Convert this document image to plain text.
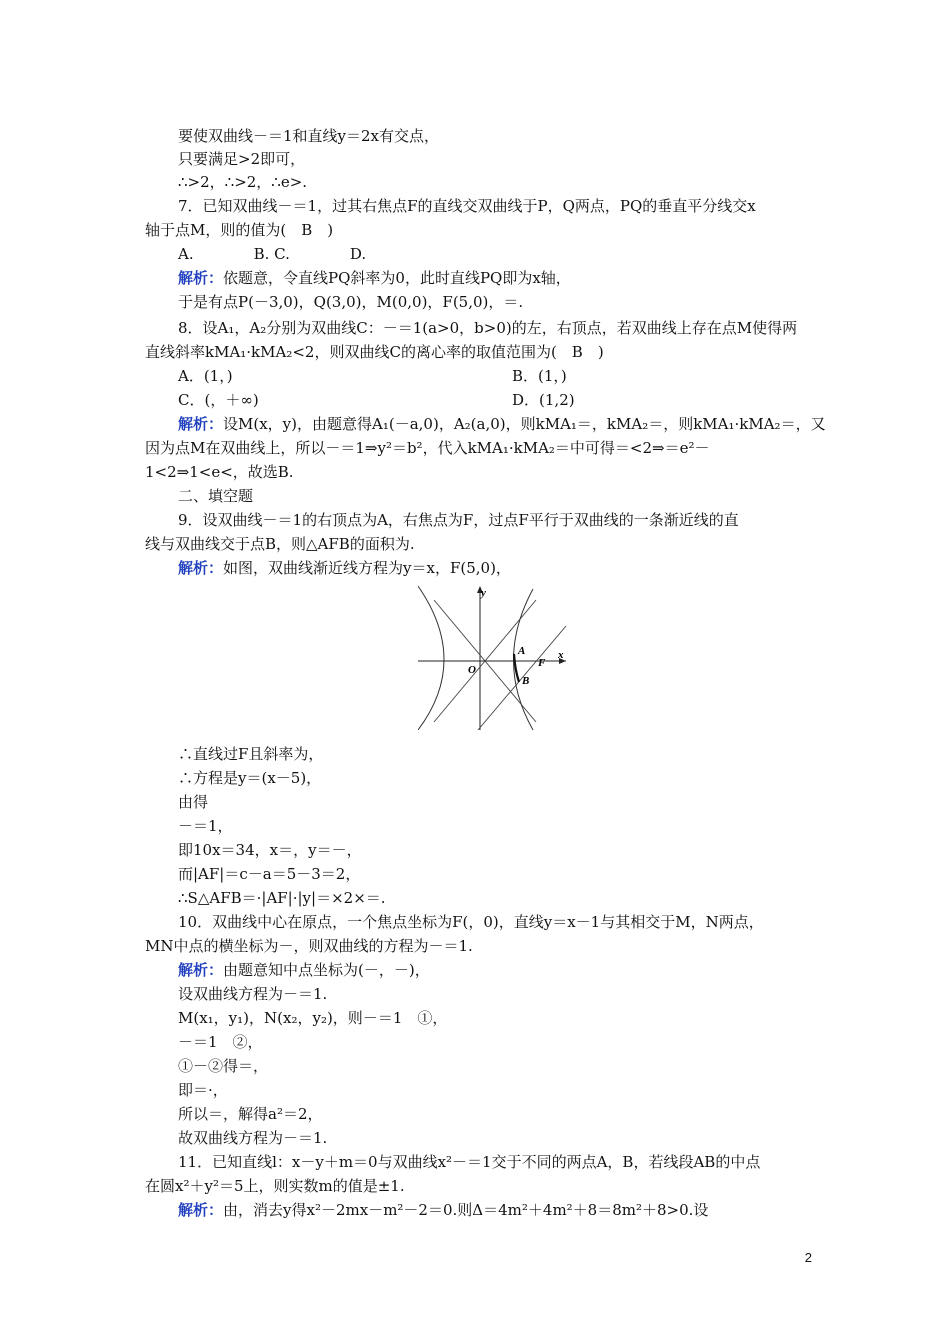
要使双曲线－＝1和直线y＝2x有交点，
只要满足>2即可，
∴>2，∴>2，∴e>.
7．已知双曲线－＝1，过其右焦点F的直线交双曲线于P，Q两点，PQ的垂直平分线交x
轴于点M，则的值为(　B　)
A.　　　　B. C.　　　　D.
解析：依题意，令直线PQ斜率为0，此时直线PQ即为x轴，
于是有点P(－3,0)，Q(3,0)，M(0,0)，F(5,0)，＝.
8．设A₁，A₂分别为双曲线C：－＝1(a>0，b>0)的左，右顶点，若双曲线上存在点M使得两
直线斜率kMA₁·kMA₂<2，则双曲线C的离心率的取值范围为(　B　)
A．(1，)	B．(1，)
C．(，＋∞)	D．(1,2)
解析：设M(x，y)，由题意得A₁(－a,0)，A₂(a,0)，则kMA₁＝，kMA₂＝，则kMA₁·kMA₂＝，又
因为点M在双曲线上，所以－＝1⇒y²＝b²，代入kMA₁·kMA₂＝中可得＝<2⇒＝e²－
1<2⇒1<e<，故选B.
二、填空题
9．设双曲线－＝1的右顶点为A，右焦点为F，过点F平行于双曲线的一条渐近线的直
线与双曲线交于点B，则△AFB的面积为.
解析：如图，双曲线渐近线方程为y＝x，F(5,0)，
y
x
O
A
F
B
∴直线过F且斜率为，
∴方程是y＝(x－5)，
由得
－＝1，
即10x＝34，x＝，y＝－，
而|AF|＝c－a＝5－3＝2，
∴S△AFB＝·|AF|·|y|＝×2×＝.
10．双曲线中心在原点，一个焦点坐标为F(，0)，直线y＝x－1与其相交于M，N两点，
MN中点的横坐标为－，则双曲线的方程为－＝1.
解析：由题意知中点坐标为(－，－)，
设双曲线方程为－＝1.
M(x₁，y₁)，N(x₂，y₂)，则－＝1　①，
－＝1　②，
①－②得＝，
即＝·，
所以＝，解得a²＝2，
故双曲线方程为－＝1.
11．已知直线l：x－y＋m＝0与双曲线x²－＝1交于不同的两点A，B，若线段AB的中点
在圆x²＋y²＝5上，则实数m的值是±1.
解析：由，消去y得x²－2mx－m²－2＝0.则Δ＝4m²＋4m²＋8＝8m²＋8>0.设
2
